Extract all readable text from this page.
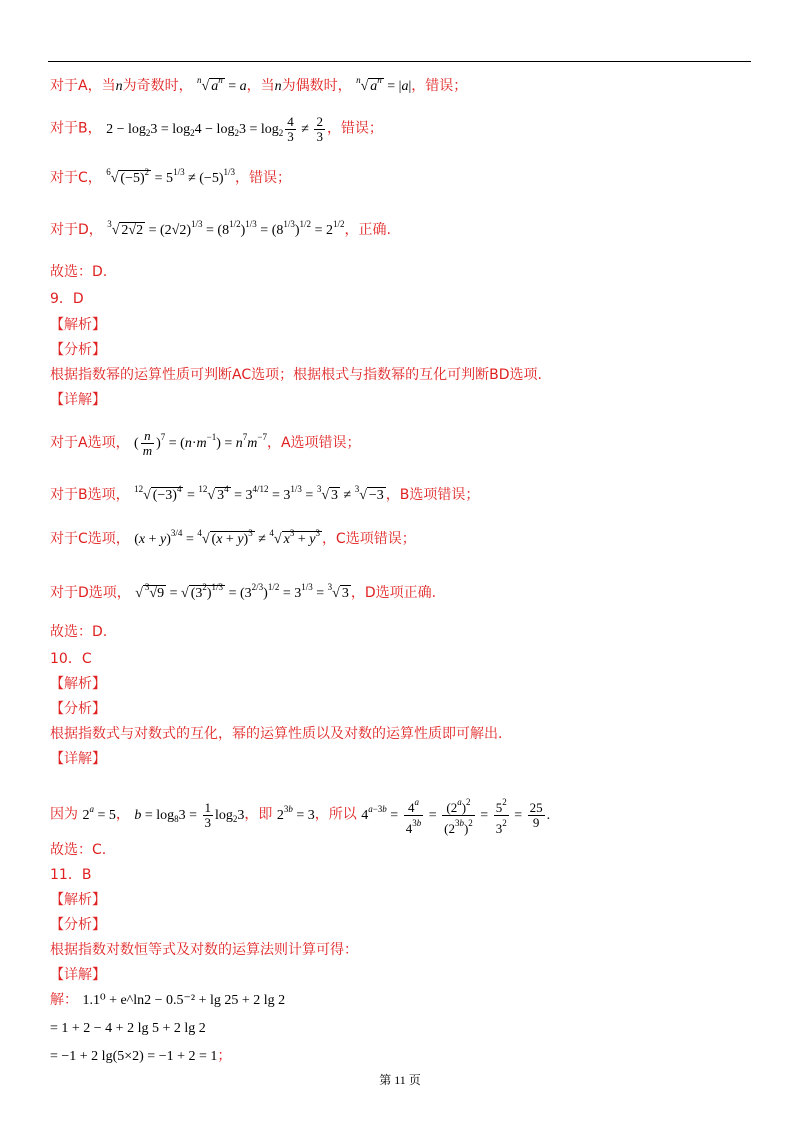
对于A，当n为奇数时， $^n$√ $a^n = a$，当n为偶数时， $^n$√ $a^n = |a|$，错误；
对于B， $2 - \log_23 = \log_24 - \log_23 = \log_2 \frac{4}{3} \ne \frac{2}{3}$ ，错误；
对于C， $^6$√ $(-5)^2 = 5^{1/3} \ne (-5)^{1/3}$，错误；
对于D， $^3$√ $2√2 = (2√2)^{1/3} = (8^{1/2})^{1/3} = (8^{1/3})^{1/2} = 2^{1/2}$，正确.
故选：D.
9．D
【解析】
【分析】
根据指数幂的运算性质可判断AC选项；根据根式与指数幂的互化可判断BD选项.
【详解】
对于A选项， ( $\frac{n}{m} )^7 = (n\cdot m^{-1}) = n^7m^{-7}$，A选项错误；
对于B选项， $^{12}$√ $(-3)^4 = ^{12}√$ $3^4 = 3^{4/12} = 3^{1/3} = ^3√$ 3 ≠ $^3$√ −3 ，B选项错误；
对于C选项， $(x + y)^{3/4} = ^4√$ $(x + y)^3 \ne ^4√$ $x^3 + y^3$ ，C选项错误；
对于D选项， √ $^3$√9 = √ $(3^2)^{1/3} = (3^{2/3})^{1/2} = 3^{1/3} = ^3√$ 3 ，D选项正确.
故选：D.
10．C
【解析】
【分析】
根据指数式与对数式的互化，幂的运算性质以及对数的运算性质即可解出.
【详解】
因为 $2^a = 5$， $b = \log_83 = \frac{1}{3} \log_23$，即 $2^{3b} = 3$，所以 $4^{a-3b} = \frac{4^a}{4^{3b}} = \frac{(2^a)^2}{(2^{3b})^2} = \frac{5^2}{3^2} = \frac{25}{9}$ .
故选：C.
11．B
【解析】
【分析】
根据指数对数恒等式及对数的运算法则计算可得：
【详解】
解： 1.1⁰ + e^ln2 − 0.5⁻² + lg 25 + 2 lg 2
= 1 + 2 − 4 + 2 lg 5 + 2 lg 2
= −1 + 2 lg(5×2) = −1 + 2 = 1；
第 11 页
